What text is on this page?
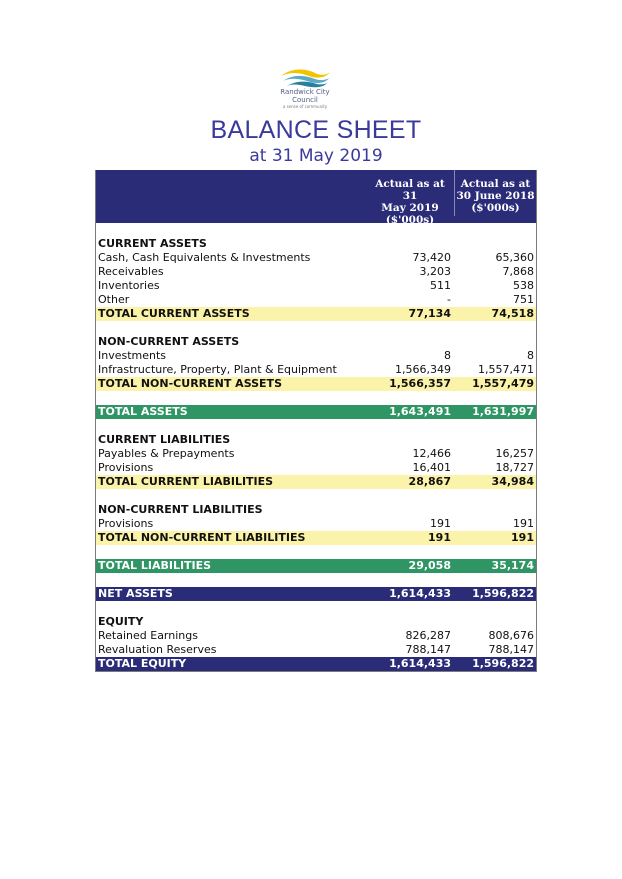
Randwick City
Council
a sense of community
BALANCE SHEET
at 31 May 2019
Actual as at 31
May 2019
($'000s)
Actual as at
30 June 2018
($'000s)
CURRENT ASSETS
Cash, Cash Equivalents & Investments	73,420	65,360
Receivables	3,203	7,868
Inventories	511	538
Other	-	751
TOTAL CURRENT ASSETS	77,134	74,518
NON-CURRENT ASSETS
Investments	8	8
Infrastructure, Property, Plant & Equipment	1,566,349 1,557,471
TOTAL NON-CURRENT ASSETS	1,566,357 1,557,479
TOTAL ASSETS	1,643,491 1,631,997
CURRENT LIABILITIES
Payables & Prepayments	12,466	16,257
Provisions	16,401	18,727
TOTAL CURRENT LIABILITIES	28,867	34,984
NON-CURRENT LIABILITIES
Provisions	191	191
TOTAL NON-CURRENT LIABILITIES	191	191
TOTAL LIABILITIES	29,058	35,174
NET ASSETS	1,614,433 1,596,822
EQUITY
Retained Earnings	826,287	808,676
Revaluation Reserves	788,147	788,147
TOTAL EQUITY	1,614,433 1,596,822
